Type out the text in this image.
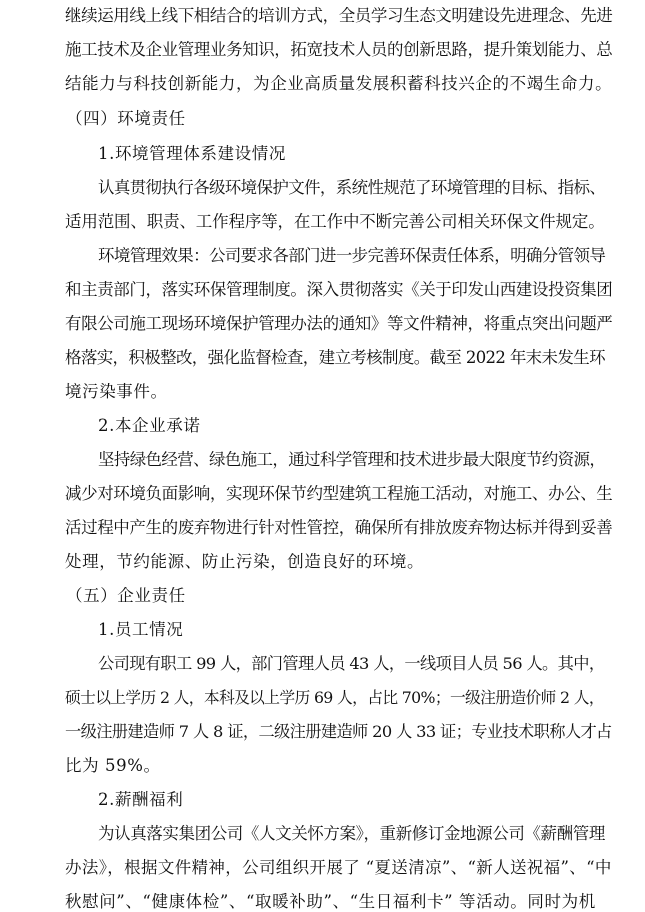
继续运用线上线下相结合的培训方式，全员学习生态文明建设先进理念、先进

施工技术及企业管理业务知识，拓宽技术人员的创新思路，提升策划能力、总

结能力与科技创新能力，为企业高质量发展积蓄科技兴企的不竭生命力。

（四）环境责任

1.环境管理体系建设情况

认真贯彻执行各级环境保护文件，系统性规范了环境管理的目标、指标、

适用范围、职责、工作程序等，在工作中不断完善公司相关环保文件规定。

环境管理效果：公司要求各部门进一步完善环保责任体系，明确分管领导

和主责部门，落实环保管理制度。深入贯彻落实《关于印发山西建设投资集团

有限公司施工现场环境保护管理办法的通知》等文件精神，将重点突出问题严

格落实，积极整改，强化监督检查，建立考核制度。截至 2022 年末未发生环

境污染事件。

2.本企业承诺

坚持绿色经营、绿色施工，通过科学管理和技术进步最大限度节约资源，

减少对环境负面影响，实现环保节约型建筑工程施工活动，对施工、办公、生

活过程中产生的废弃物进行针对性管控，确保所有排放废弃物达标并得到妥善

处理，节约能源、防止污染，创造良好的环境。

（五）企业责任

1.员工情况

公司现有职工 99 人，部门管理人员 43 人，一线项目人员 56 人。其中，

硕士以上学历 2 人，本科及以上学历 69 人，占比 70%；一级注册造价师 2 人，

一级注册建造师 7 人 8 证，二级注册建造师 20 人 33 证；专业技术职称人才占

比为 59%。

2.薪酬福利

为认真落实集团公司《人文关怀方案》，重新修订金地源公司《薪酬管理

办法》，根据文件精神，公司组织开展了 “夏送清凉”、“新人送祝福”、“中

秋慰问”、“健康体检”、“取暖补助”、“生日福利卡” 等活动。同时为机
